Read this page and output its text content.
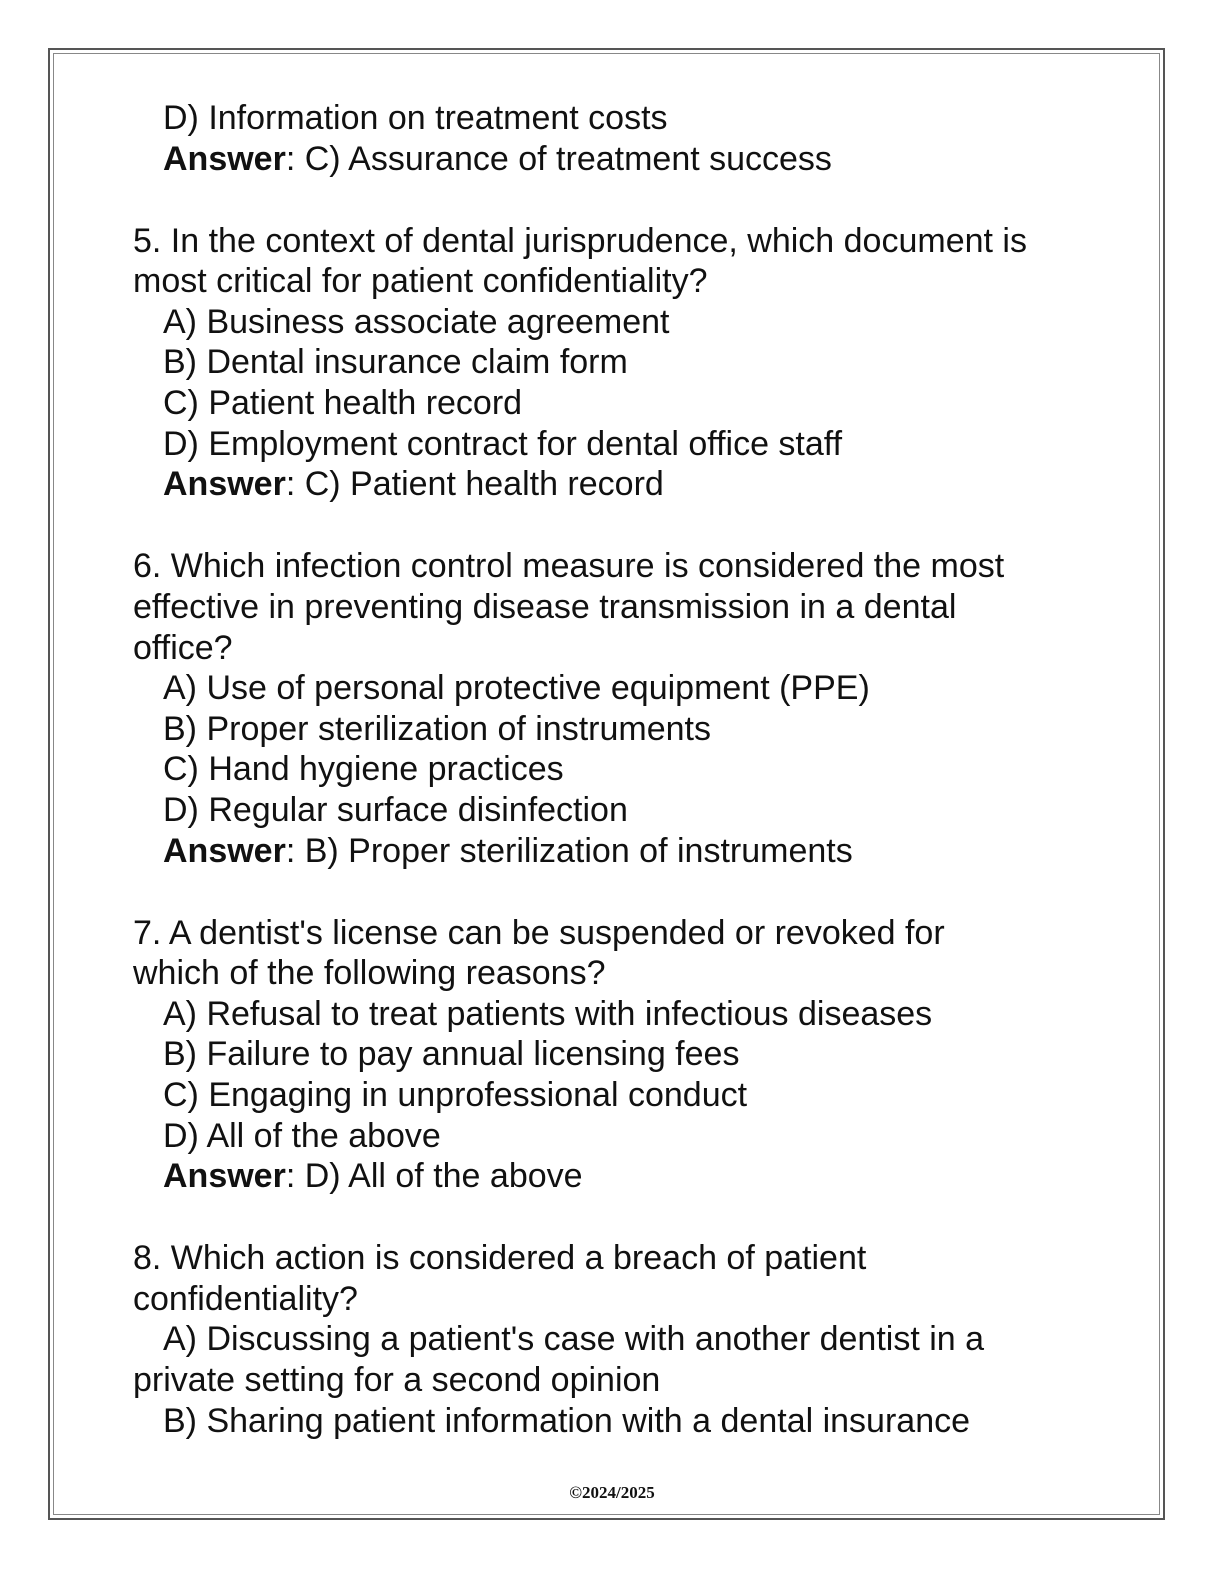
D) Information on treatment costs
Answer: C) Assurance of treatment success
5. In the context of dental jurisprudence, which document is
most critical for patient confidentiality?
A) Business associate agreement
B) Dental insurance claim form
C) Patient health record
D) Employment contract for dental office staff
Answer: C) Patient health record
6. Which infection control measure is considered the most
effective in preventing disease transmission in a dental
office?
A) Use of personal protective equipment (PPE)
B) Proper sterilization of instruments
C) Hand hygiene practices
D) Regular surface disinfection
Answer: B) Proper sterilization of instruments
7. A dentist's license can be suspended or revoked for
which of the following reasons?
A) Refusal to treat patients with infectious diseases
B) Failure to pay annual licensing fees
C) Engaging in unprofessional conduct
D) All of the above
Answer: D) All of the above
8. Which action is considered a breach of patient
confidentiality?
A) Discussing a patient's case with another dentist in a
private setting for a second opinion
B) Sharing patient information with a dental insurance
©2024/2025
